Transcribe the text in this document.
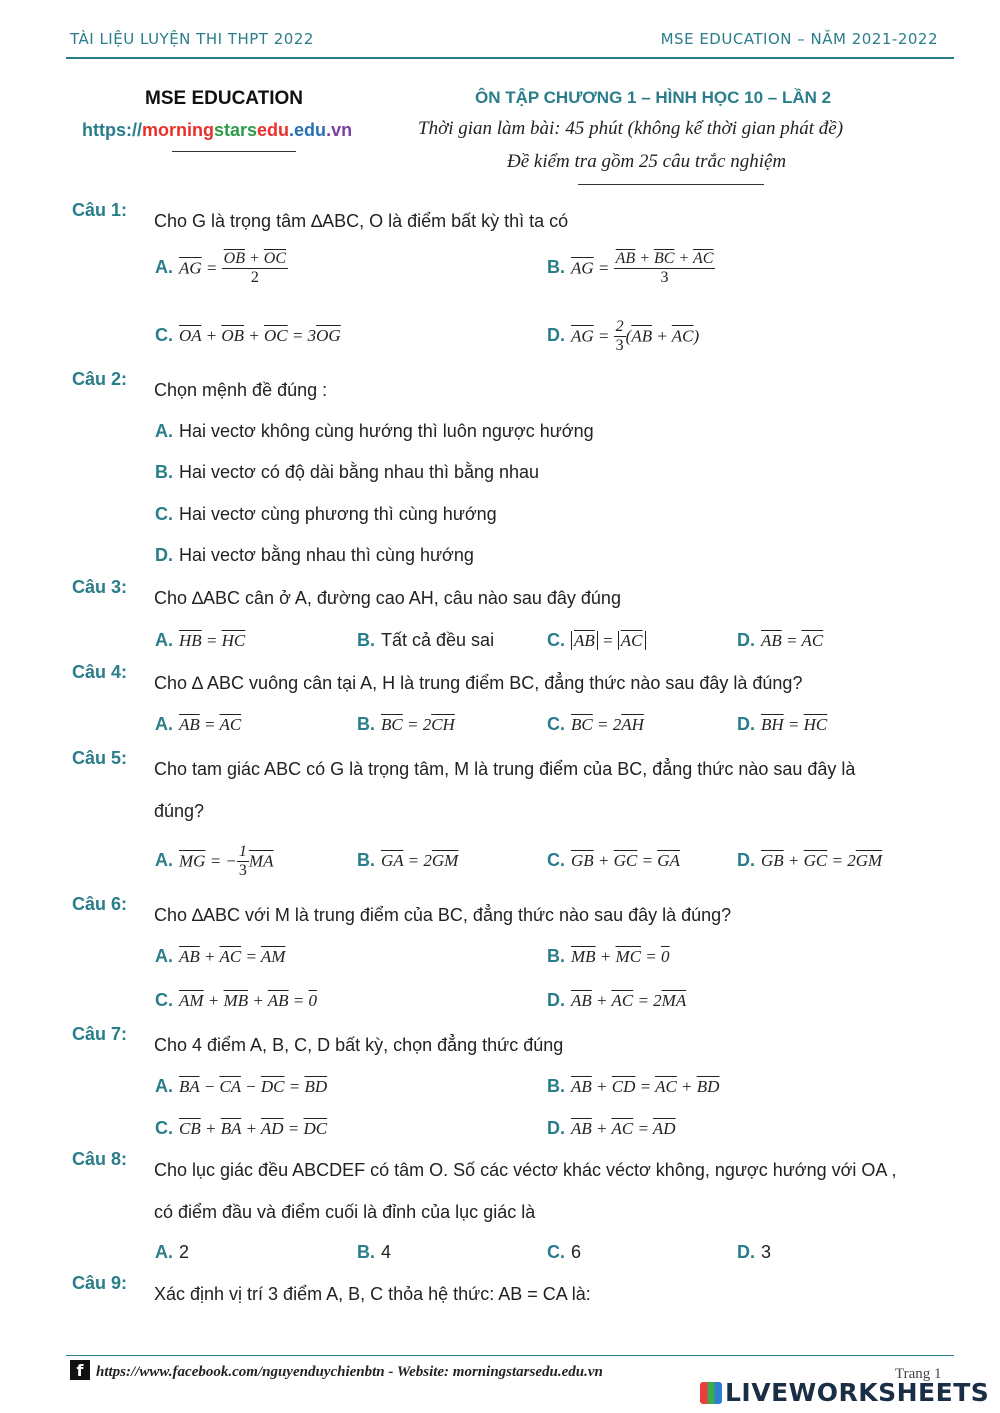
TÀI LIỆU LUYỆN THI THPT 2022	MSE EDUCATION – NĂM 2021-2022
MSE EDUCATION
https://morningstarsedu.edu.vn
ÔN TẬP CHƯƠNG 1 – HÌNH HỌC 10 – LẦN 2
Thời gian làm bài: 45 phút (không kể thời gian phát đề)
Đề kiểm tra gồm 25 câu trắc nghiệm
Câu 1:
Cho G là trọng tâm ∆ABC, O là điểm bất kỳ thì ta có
A. $\overline{AG} = \frac{\overline{OB} + \overline{OC}}{2}$	B. $\overline{AG} = \frac{\overline{AB} + \overline{BC} + \overline{AC}}{3}$
C. $\overline{OA} + \overline{OB} + \overline{OC} = 3\overline{OG}$	D. $\overline{AG} = \frac{2}{3} (\overline{AB} + \overline{AC})$
Câu 2:
Chọn mệnh đề đúng :
A. Hai vectơ không cùng hướng thì luôn ngược hướng
B. Hai vectơ có độ dài bằng nhau thì bằng nhau
C. Hai vectơ cùng phương thì cùng hướng
D. Hai vectơ bằng nhau thì cùng hướng
Câu 3:
Cho ∆ABC cân ở A, đường cao AH, câu nào sau đây đúng
A. $\overline{HB} = \overline{HC}$	B. Tất cả đều sai	C. $\overline{AB} = \overline{AC}$	D. $\overline{AB} = \overline{AC}$
Câu 4:
Cho ∆ ABC vuông cân tại A, H là trung điểm BC, đẳng thức nào sau đây là đúng?
A. $\overline{AB} = \overline{AC}$	B. $\overline{BC} = 2\overline{CH}$	C. $\overline{BC} = 2\overline{AH}$	D. $\overline{BH} = \overline{HC}$
Câu 5:
Cho tam giác ABC có G là trọng tâm, M là trung điểm của BC, đẳng thức nào sau đây là
đúng?
A. $\overline{MG}$ = − $\frac{1}{3} \overline{MA}$	B. $\overline{GA} = 2\overline{GM}$	C. $\overline{GB} + \overline{GC} = \overline{GA}$	D. $\overline{GB} + \overline{GC} = 2\overline{GM}$
Câu 6:
Cho ∆ABC với M là trung điểm của BC, đẳng thức nào sau đây là đúng?
A. $\overline{AB} + \overline{AC} = \overline{AM}$	B. $\overline{MB} + \overline{MC} = 0$
C. $\overline{AM} + \overline{MB} + \overline{AB} = 0$	D. $\overline{AB} + \overline{AC} = 2\overline{MA}$
Câu 7:
Cho 4 điểm A, B, C, D bất kỳ, chọn đẳng thức đúng
A. $\overline{BA} - \overline{CA} - \overline{DC} = \overline{BD}$	B. $\overline{AB} + \overline{CD} = \overline{AC} + \overline{BD}$
C. $\overline{CB} + \overline{BA} + \overline{AD} = \overline{DC}$	D. $\overline{AB} + \overline{AC} = \overline{AD}$
Câu 8:
Cho lục giác đều ABCDEF có tâm O. Số các véctơ khác véctơ không, ngược hướng với OA ,
có điểm đầu và điểm cuối là đỉnh của lục giác là
A. 2	B. 4	C. 6	D. 3
Câu 9:
Xác định vị trí 3 điểm A, B, C thỏa hệ thức: AB = CA là:
f https://www.facebook.com/nguyenduychienbtn - Website: morningstarsedu.edu.vn	Trang 1
LIVEWORKSHEETS
